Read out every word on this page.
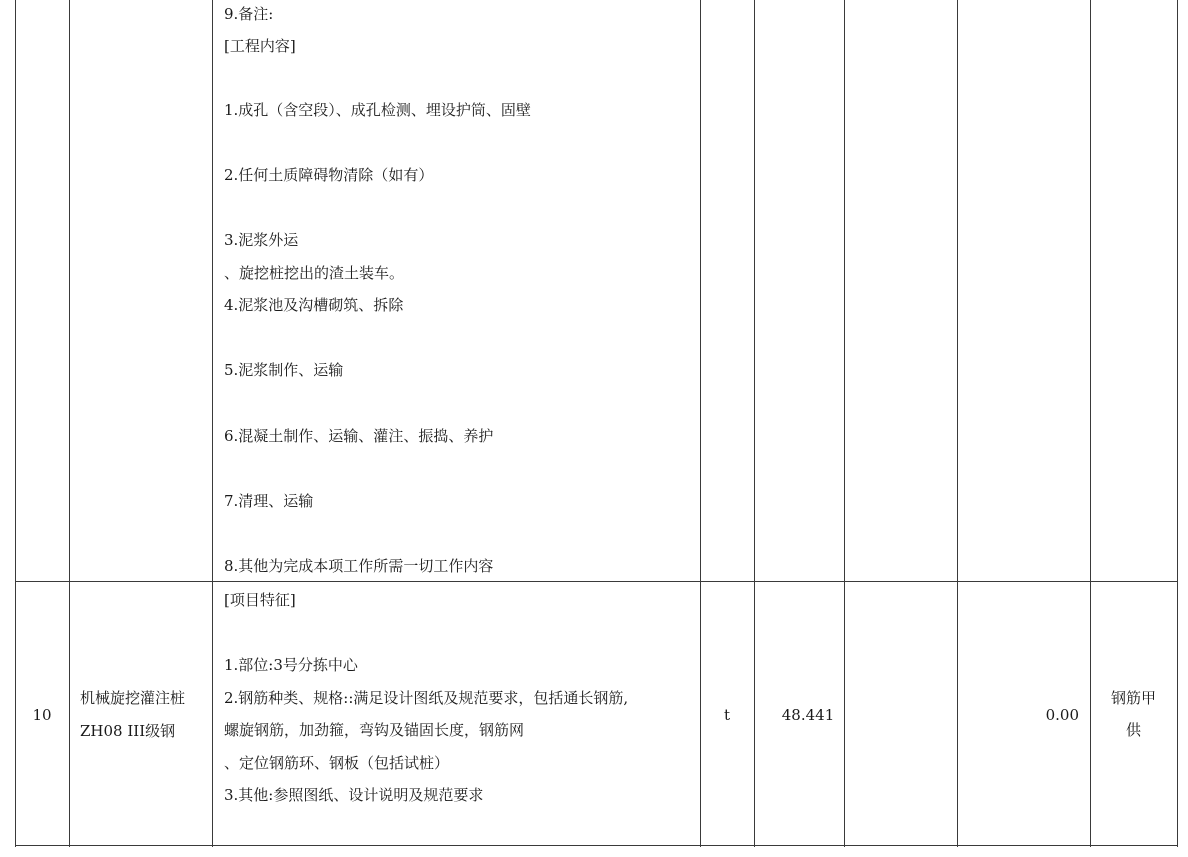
9.备注:
[工程内容]
1.成孔（含空段）、成孔检测、埋设护筒、固壁
2.任何土质障碍物清除（如有）
3.泥浆外运
、旋挖桩挖出的渣土装车。
4.泥浆池及沟槽砌筑、拆除
5.泥浆制作、运输
6.混凝土制作、运输、灌注、振捣、养护
7.清理、运输
8.其他为完成本项工作所需一切工作内容
10
机械旋挖灌注桩
ZH08 III级钢
[项目特征]
1.部位:3号分拣中心
2.钢筋种类、规格::满足设计图纸及规范要求，包括通长钢筋,
螺旋钢筋，加劲箍，弯钩及锚固长度，钢筋网
、定位钢筋环、钢板（包括试桩）
3.其他:参照图纸、设计说明及规范要求
t	48.441	0.00
钢筋甲
供
